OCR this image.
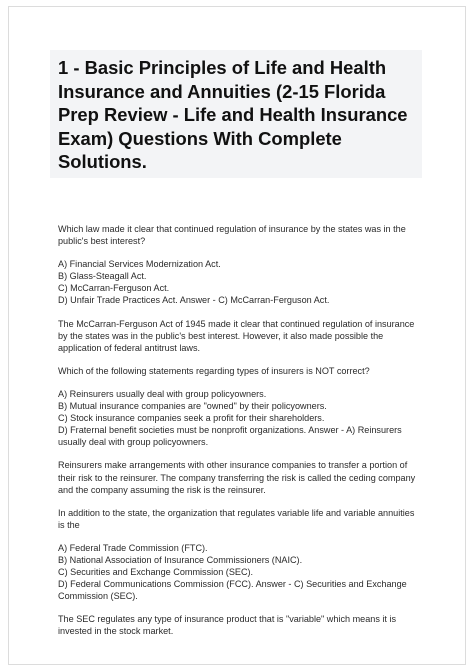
1 - Basic Principles of Life and Health Insurance and Annuities (2-15 Florida Prep Review - Life and Health Insurance Exam) Questions With Complete Solutions.

Which law made it clear that continued regulation of insurance by the states was in the public's best interest?

A) Financial Services Modernization Act.
B) Glass-Steagall Act.
C) McCarran-Ferguson Act.
D) Unfair Trade Practices Act. Answer - C) McCarran-Ferguson Act.

The McCarran-Ferguson Act of 1945 made it clear that continued regulation of insurance by the states was in the public's best interest. However, it also made possible the application of federal antitrust laws.

Which of the following statements regarding types of insurers is NOT correct?

A) Reinsurers usually deal with group policyowners.
B) Mutual insurance companies are "owned" by their policyowners.
C) Stock insurance companies seek a profit for their shareholders.
D) Fraternal benefit societies must be nonprofit organizations. Answer - A) Reinsurers usually deal with group policyowners.

Reinsurers make arrangements with other insurance companies to transfer a portion of their risk to the reinsurer. The company transferring the risk is called the ceding company and the company assuming the risk is the reinsurer.

In addition to the state, the organization that regulates variable life and variable annuities is the

A) Federal Trade Commission (FTC).
B) National Association of Insurance Commissioners (NAIC).
C) Securities and Exchange Commission (SEC).
D) Federal Communications Commission (FCC). Answer - C) Securities and Exchange Commission (SEC).

The SEC regulates any type of insurance product that is "variable" which means it is invested in the stock market.
